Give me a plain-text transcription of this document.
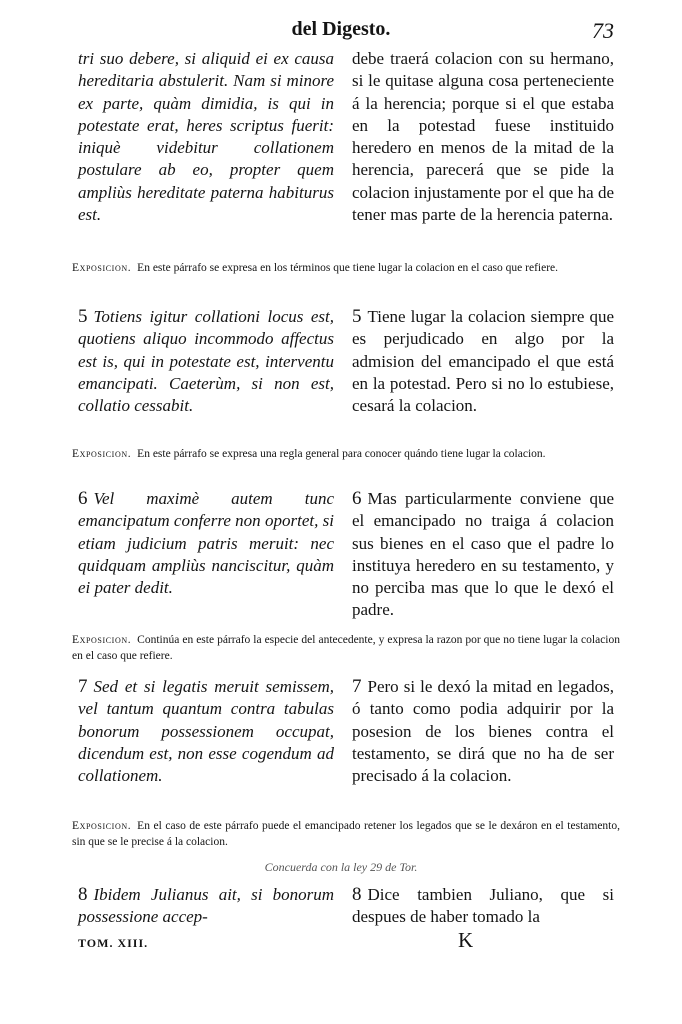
del Digesto.	73
tri suo debere, si aliquid ei ex causa hereditaria abstulerit. Nam si minore ex parte, quàm dimidia, is qui in potestate erat, heres scriptus fuerit: iniquè videbitur collationem postulare ab eo, propter quem ampliùs hereditate paterna habiturus est.
debe traerá colacion con su hermano, si le quitase alguna cosa perteneciente á la herencia; porque si el que estaba en la potestad fuese instituido heredero en menos de la mitad de la herencia, parecerá que se pide la colacion injustamente por el que ha de tener mas parte de la herencia paterna.
Exposicion. En este párrafo se expresa en los términos que tiene lugar la colacion en el caso que refiere.
5 Totiens igitur collationi locus est, quotiens aliquo incommodo affectus est is, qui in potestate est, interventu emancipati. Caeterùm, si non est, collatio cessabit.
5 Tiene lugar la colacion siempre que es perjudicado en algo por la admision del emancipado el que está en la potestad. Pero si no lo estubiese, cesará la colacion.
Exposicion. En este párrafo se expresa una regla general para conocer quándo tiene lugar la colacion.
6 Vel maximè autem tunc emancipatum conferre non oportet, si etiam judicium patris meruit: nec quidquam ampliùs nanciscitur, quàm ei pater dedit.
6 Mas particularmente conviene que el emancipado no traiga á colacion sus bienes en el caso que el padre lo instituya heredero en su testamento, y no perciba mas que lo que le dexó el padre.
Exposicion. Continúa en este párrafo la especie del antecedente, y expresa la razon por que no tiene lugar la colacion en el caso que refiere.
7 Sed et si legatis meruit semissem, vel tantum quantum contra tabulas bonorum possessionem occupat, dicendum est, non esse cogendum ad collationem.
7 Pero si le dexó la mitad en legados, ó tanto como podia adquirir por la posesion de los bienes contra el testamento, se dirá que no ha de ser precisado á la colacion.
Exposicion. En el caso de este párrafo puede el emancipado retener los legados que se le dexáron en el testamento, sin que se le precise á la colacion.
Concuerda con la ley 29 de Tor.
8 Ibidem Julianus ait, si bonorum possessione accep-
8 Dice tambien Juliano, que si despues de haber tomado la
TOM. XIII.	K
